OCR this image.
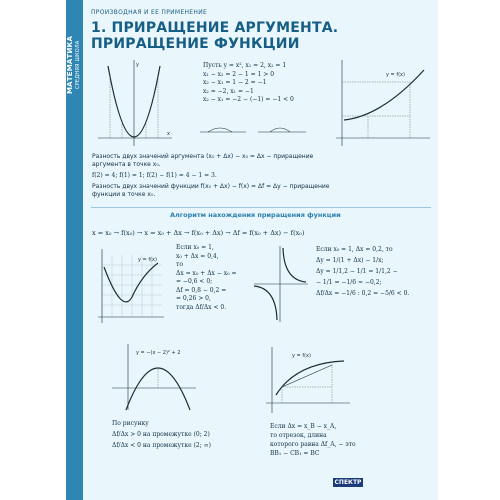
МАТЕМАТИКА СРЕДНЯЯ ШКОЛА
ПРОИЗВОДНАЯ И ЕЕ ПРИМЕНЕНИЕ
1. ПРИРАЩЕНИЕ АРГУМЕНТА.
ПРИРАЩЕНИЕ ФУНКЦИИ
y
x
Пусть y = x², x₁ = 2, x₂ = 1
x₁ − x₂ = 2 − 1 = 1 > 0
x₂ − x₁ = 1 − 2 = −1
x₂ = −2, x₁ = −1
x₂ − x₁ = −2 − (−1) = −1 < 0
y = f(x)
Разность двух значений аргумента (x₀ + Δx) − x₀ = Δx − приращение
аргумента в точке x₀.
f(2) = 4; f(1) = 1; f(2) − f(1) = 4 − 1 = 3.
Разность двух значений функции f(x₀ + Δx) − f(x) = Δf = Δy − приращение
функции в точке x₀.
Алгоритм нахождения приращения функции
x = x₀ → f(x₀) → x = x₀ + Δx → f(x₀ + Δx) → Δf = f(x₀ + Δx) − f(x₀)
y = f(x)
Если x₀ = 1,
x₀ + Δx = 0,4,
то
Δx = x₀ + Δx − x₀ =
= −0,6 < 0;
Δf = 0,8 − 0,2 =
= 0,26 > 0,
тогда Δf/Δx < 0.
Если x₀ = 1, Δx = 0,2, то
Δy = 1/(1 + Δx) − 1/x;
Δy = 1/1,2 − 1/1 = 1/1,2 −
− 1/1 = −1/6 ≈ −0,2;
Δf/Δx = −1/6 : 0,2 = −5/6 < 0.
y = −(x − 2)² + 2	y = f(x)
По рисунку
Δf/Δx > 0 на промежутке (0; 2)
Δf/Δx < 0 на промежутке (2; ∞)
Если Δx = x_B − x_A,
то отрезок, длина
которого равна Δf_A, − это
BB₁ − CB₁ = BC
СПЕКТР
